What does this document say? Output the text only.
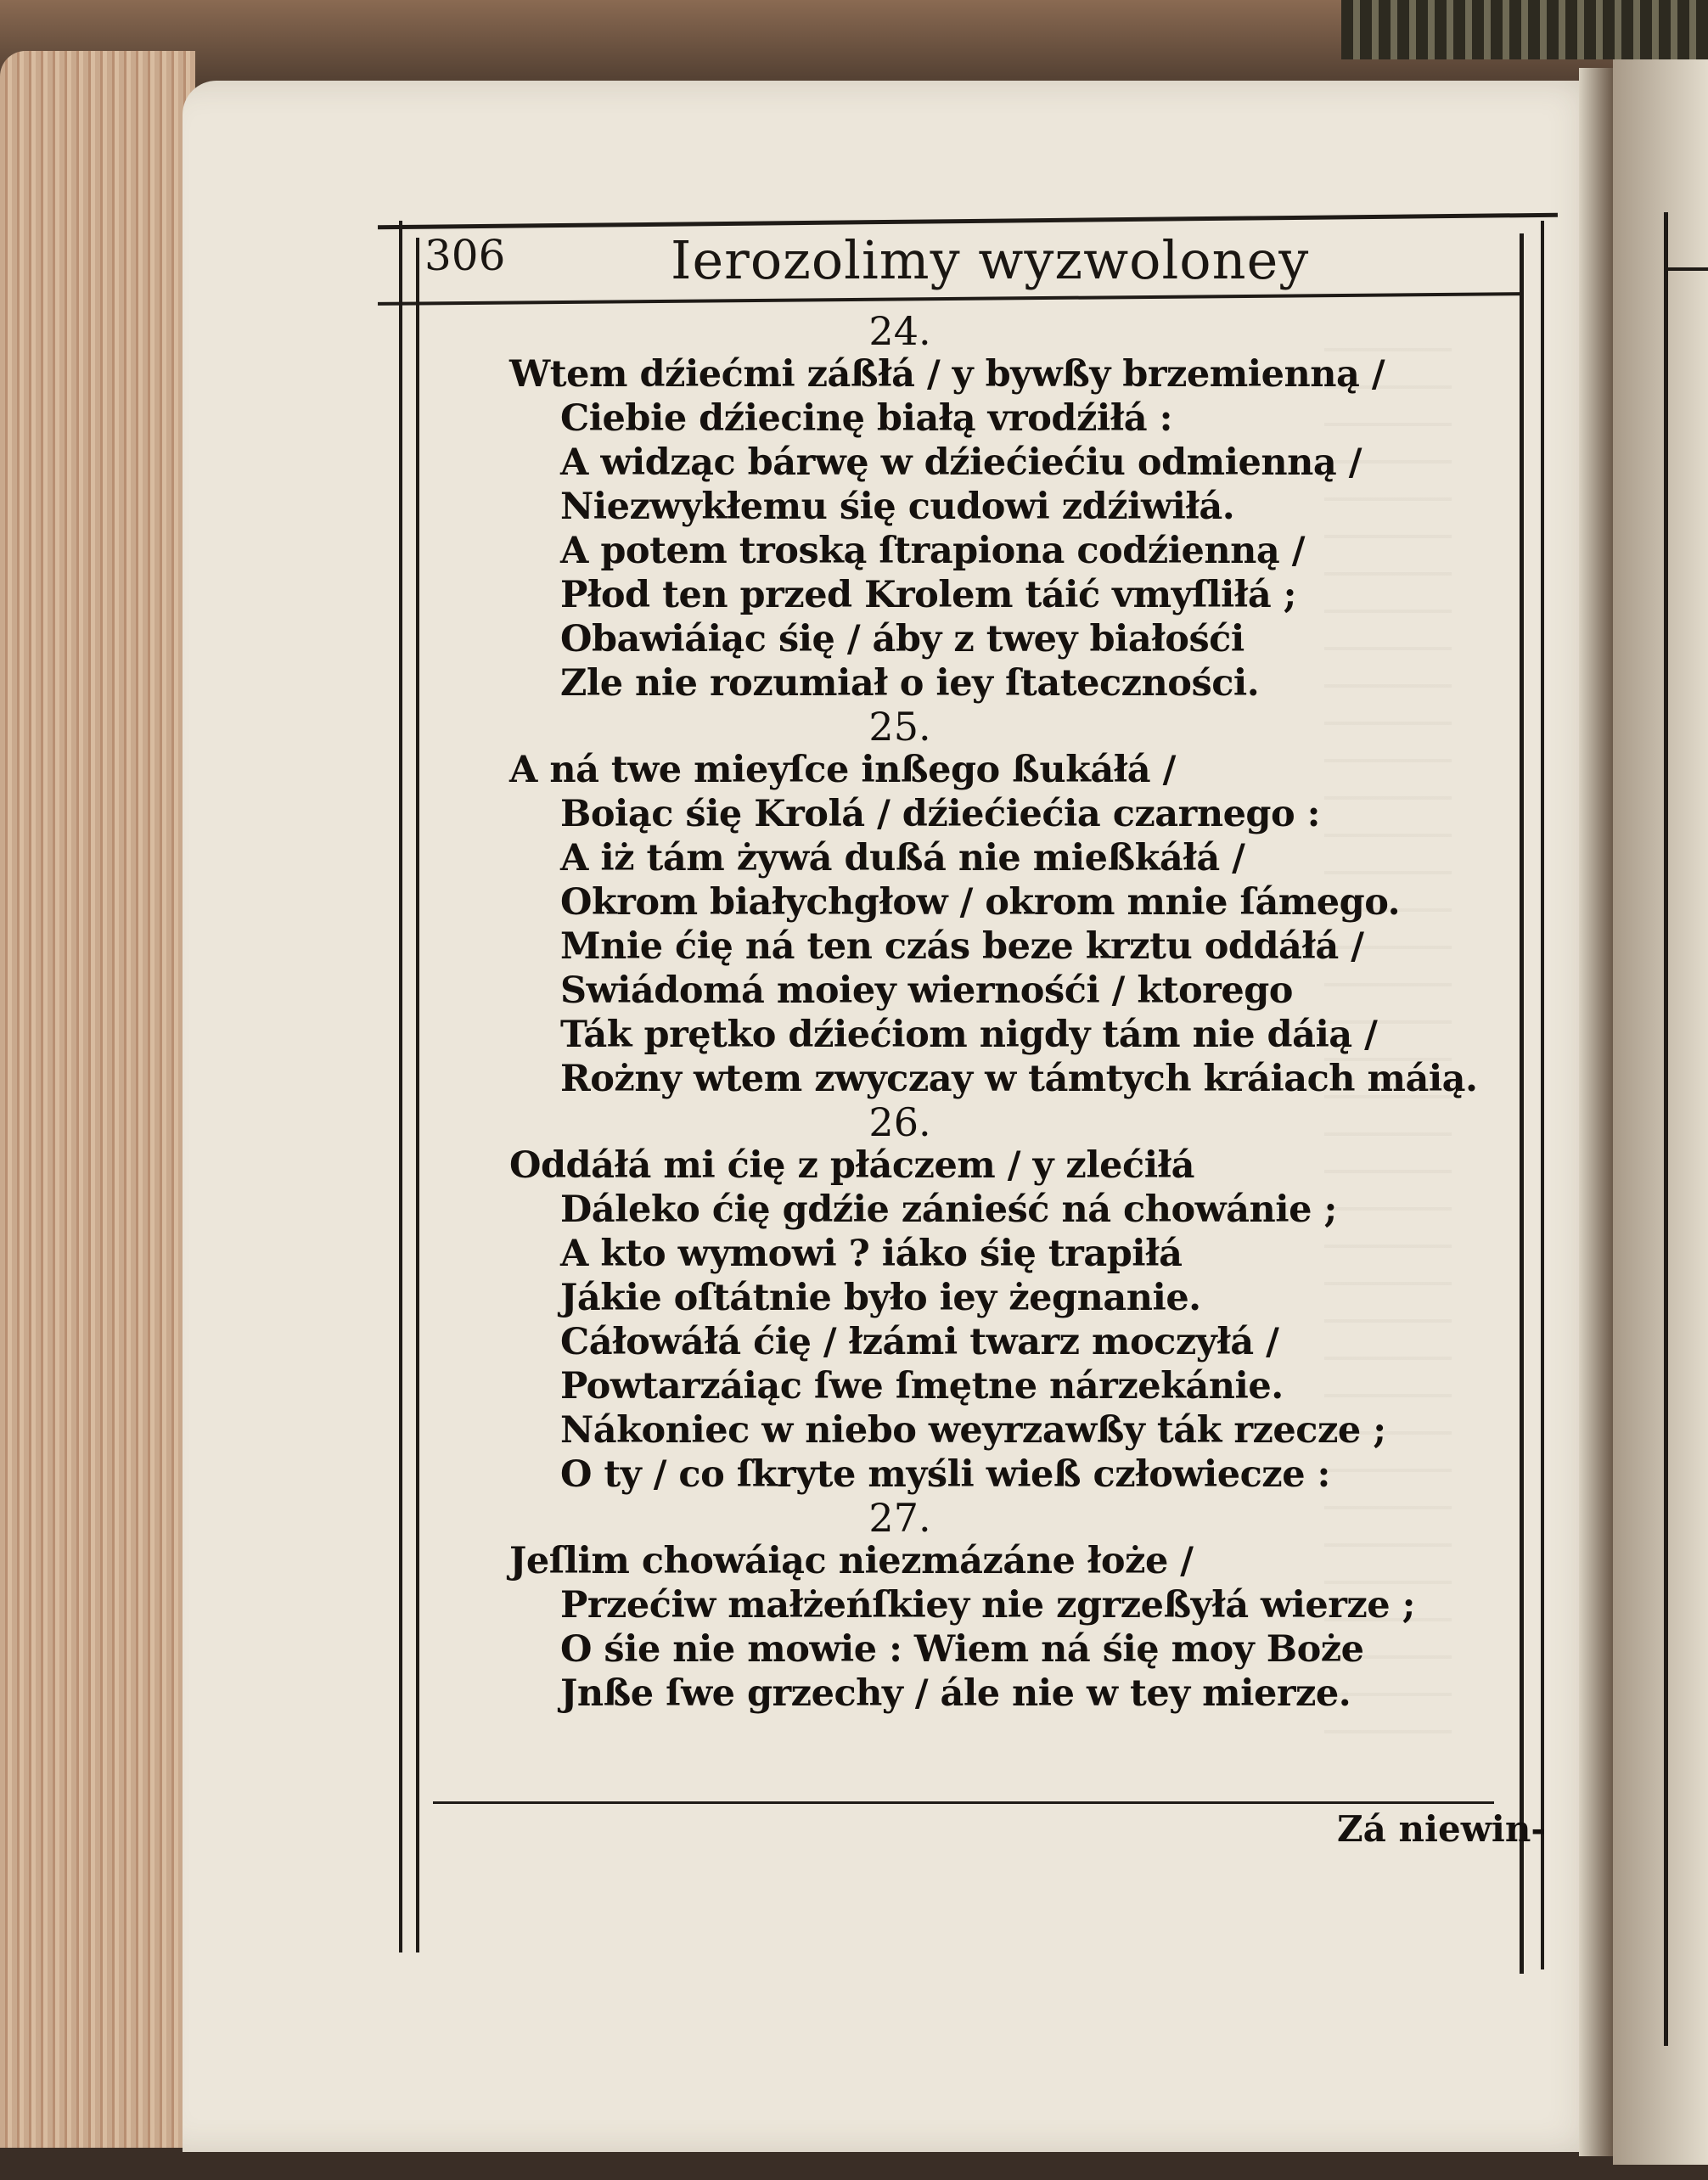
306	Ierozolimy wyzwoloney
24.
Wtem dźiećmi záßłá / y bywßy brzemienną /
Ciebie dźiecinę białą vrodźiłá :
A widząc bárwę w dźiećiećiu odmienną /
Niezwykłemu śię cudowi zdźiwiłá.
A potem troską ſtrapiona codźienną /
Płod ten przed Krolem táić vmyſliłá ;
Obawiáiąc śię / áby z twey białośći
Zle nie rozumiał o iey ſtateczności.
25.
A ná twe mieyſce inßego ßukáłá /
Boiąc śię Krolá / dźiećiećia czarnego :
A iż tám żywá dußá nie mießkáłá /
Okrom białychgłow / okrom mnie ſámego.
Mnie ćię ná ten czás beze krztu oddáłá /
Swiádomá moiey wiernośći / ktorego
Ták prętko dźiećiom nigdy tám nie dáią /
Rożny wtem zwyczay w támtych kráiach máią.
26.
Oddáłá mi ćię z płáczem / y zlećiłá
Dáleko ćię gdźie zánieść ná chowánie ;
A kto wymowi ? iáko śię trapiłá
Jákie oſtátnie było iey żegnanie.
Cáłowáłá ćię / łzámi twarz moczyłá /
Powtarzáiąc ſwe ſmętne nárzekánie.
Nákoniec w niebo weyrzawßy ták rzecze ;
O ty / co ſkryte myśli wieß człowiecze :
27.
Jeſlim chowáiąc niezmázáne łoże /
Przećiw małżeńſkiey nie zgrzeßyłá wierze ;
O śie nie mowie : Wiem ná śię moy Boże
Jnße ſwe grzechy / ále nie w tey mierze.
Zá niewin-
